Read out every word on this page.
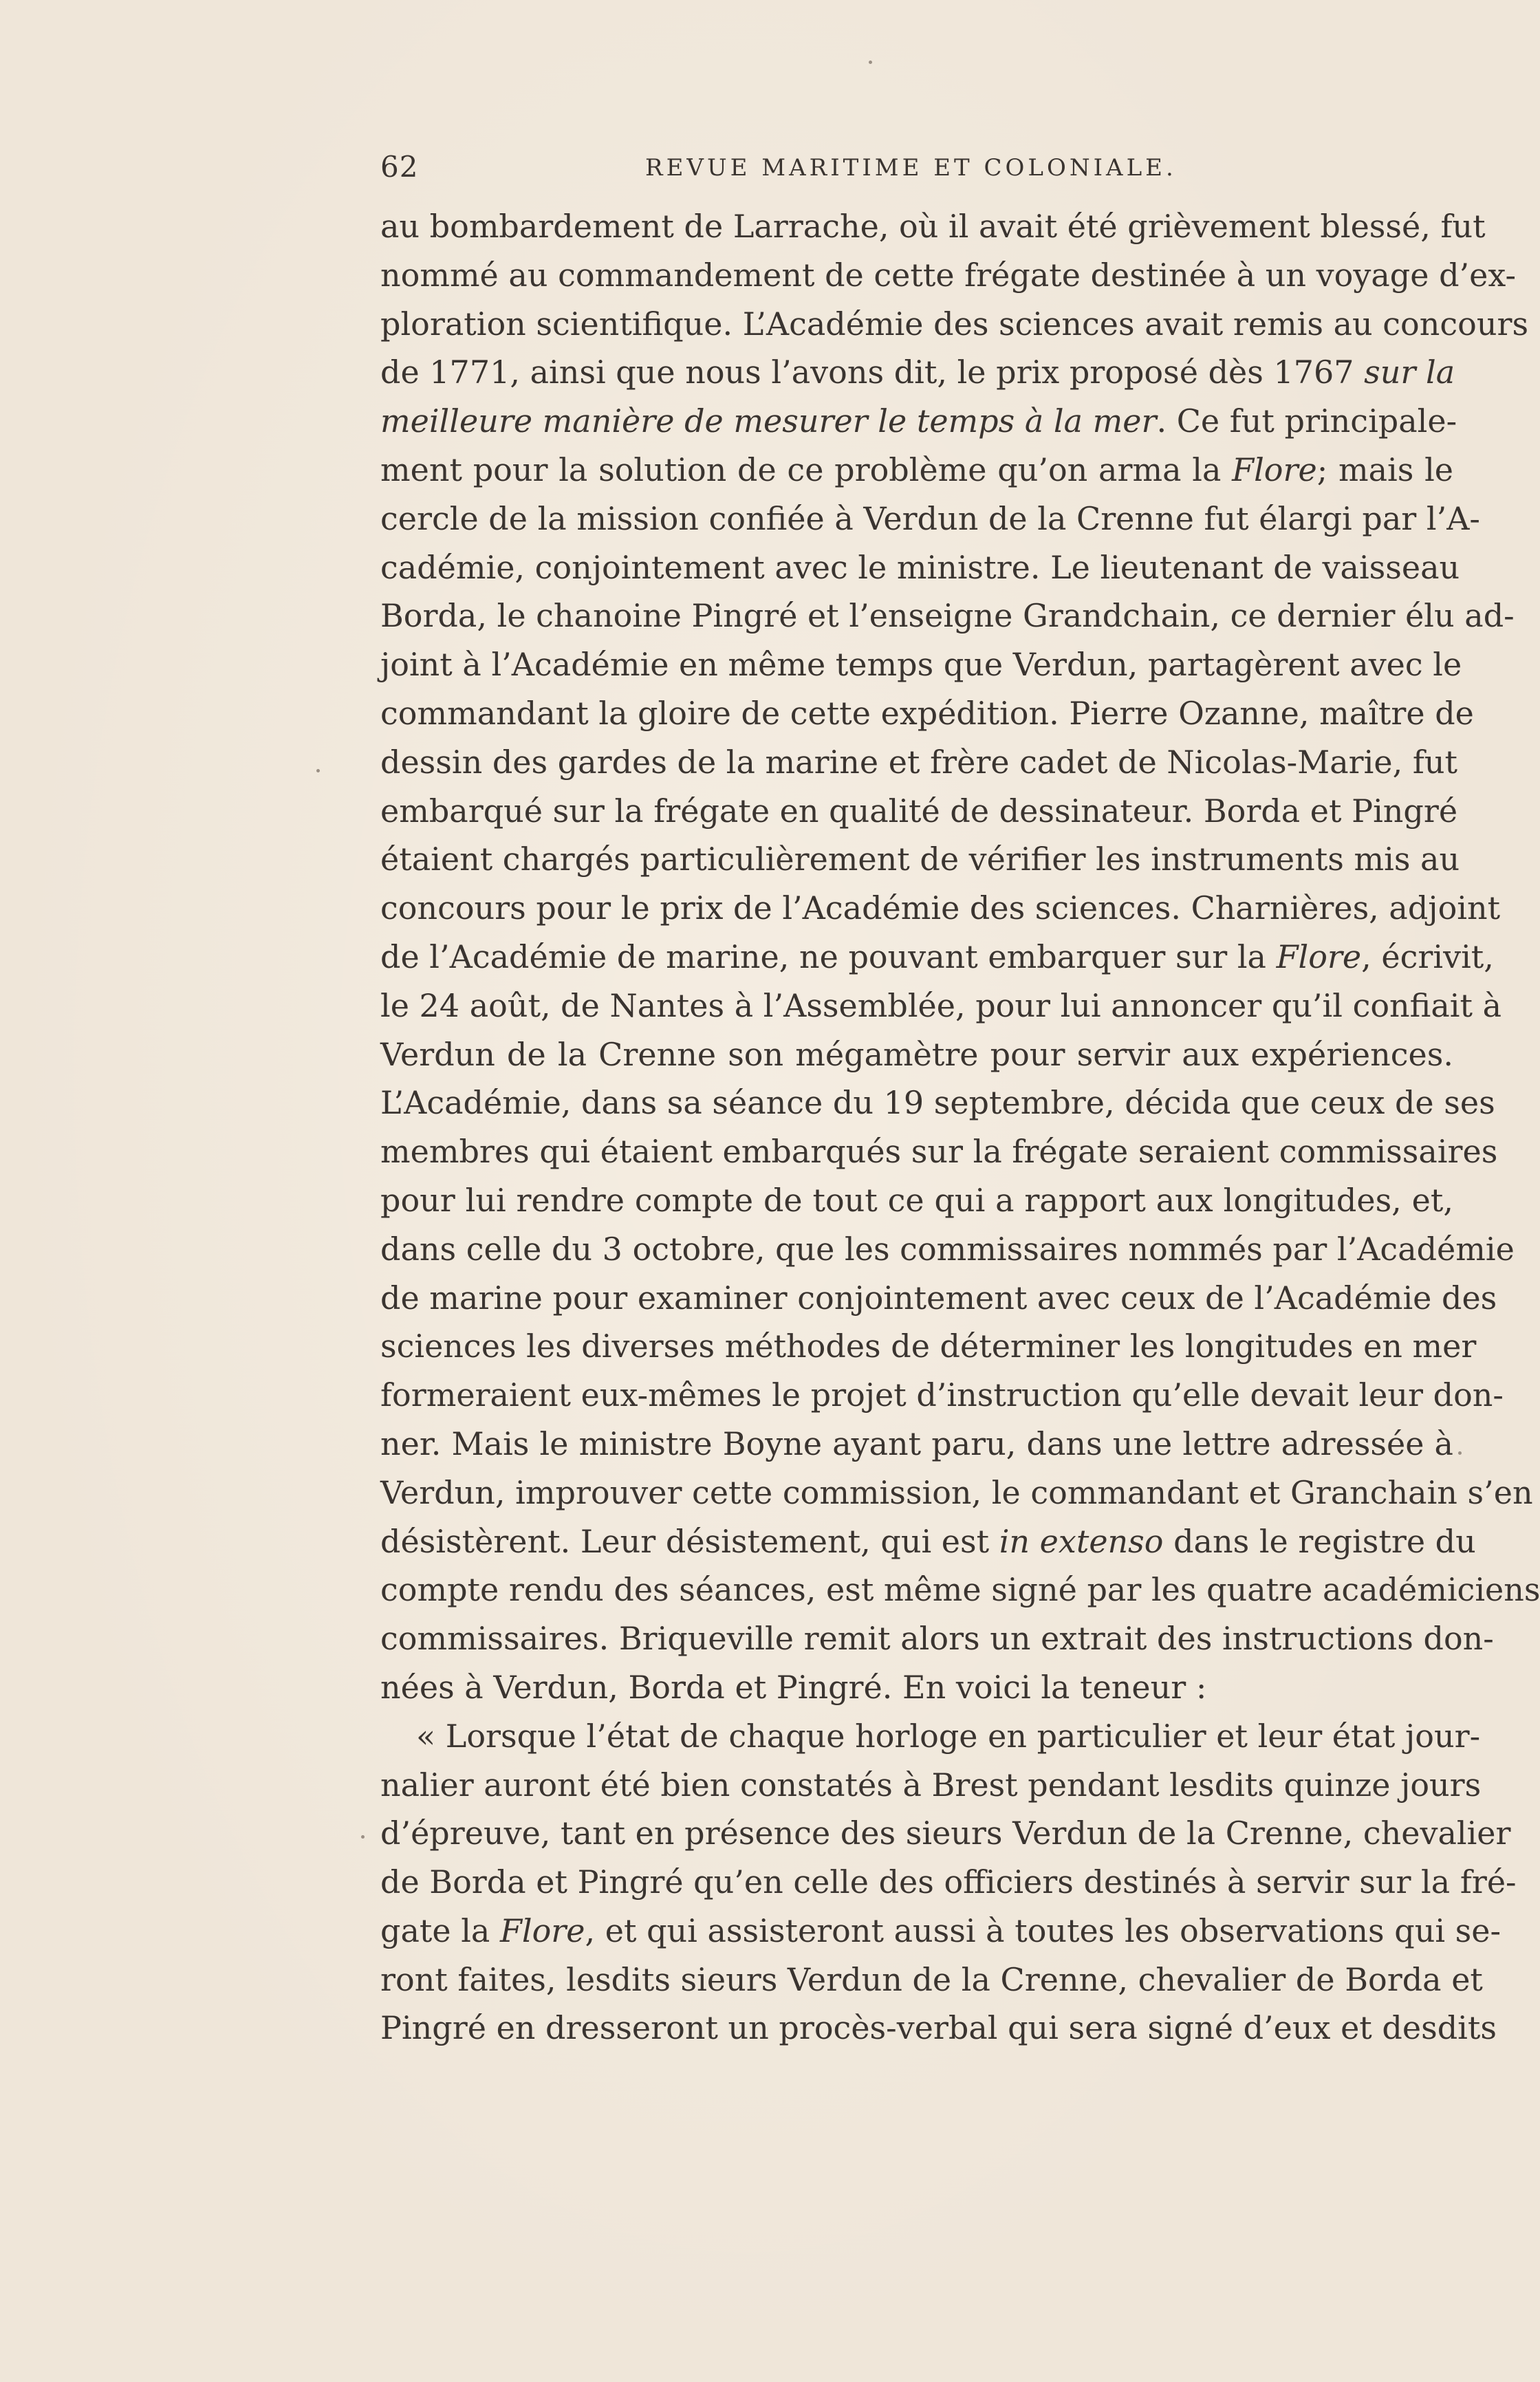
62	REVUE MARITIME ET COLONIALE.
au bombardement de Larrache, où il avait été grièvement blessé, fut
nommé au commandement de cette frégate destinée à un voyage d’ex-
ploration scientifique. L’Académie des sciences avait remis au concours
de 1771, ainsi que nous l’avons dit, le prix proposé dès 1767 sur la
meilleure manière de mesurer le temps à la mer. Ce fut principale-
ment pour la solution de ce problème qu’on arma la Flore; mais le
cercle de la mission confiée à Verdun de la Crenne fut élargi par l’A-
cadémie, conjointement avec le ministre. Le lieutenant de vaisseau
Borda, le chanoine Pingré et l’enseigne Grandchain, ce dernier élu ad-
joint à l’Académie en même temps que Verdun, partagèrent avec le
commandant la gloire de cette expédition. Pierre Ozanne, maître de
dessin des gardes de la marine et frère cadet de Nicolas-Marie, fut
embarqué sur la frégate en qualité de dessinateur. Borda et Pingré
étaient chargés particulièrement de vérifier les instruments mis au
concours pour le prix de l’Académie des sciences. Charnières, adjoint
de l’Académie de marine, ne pouvant embarquer sur la Flore, écrivit,
le 24 août, de Nantes à l’Assemblée, pour lui annoncer qu’il confiait à
Verdun de la Crenne son mégamètre pour servir aux expériences.
L’Académie, dans sa séance du 19 septembre, décida que ceux de ses
membres qui étaient embarqués sur la frégate seraient commissaires
pour lui rendre compte de tout ce qui a rapport aux longitudes, et,
dans celle du 3 octobre, que les commissaires nommés par l’Académie
de marine pour examiner conjointement avec ceux de l’Académie des
sciences les diverses méthodes de déterminer les longitudes en mer
formeraient eux-mêmes le projet d’instruction qu’elle devait leur don-
ner. Mais le ministre Boyne ayant paru, dans une lettre adressée à
Verdun, improuver cette commission, le commandant et Granchain s’en
désistèrent. Leur désistement, qui est in extenso dans le registre du
compte rendu des séances, est même signé par les quatre académiciens
commissaires. Briqueville remit alors un extrait des instructions don-
nées à Verdun, Borda et Pingré. En voici la teneur :
« Lorsque l’état de chaque horloge en particulier et leur état jour-
nalier auront été bien constatés à Brest pendant lesdits quinze jours
d’épreuve, tant en présence des sieurs Verdun de la Crenne, chevalier
de Borda et Pingré qu’en celle des officiers destinés à servir sur la fré-
gate la Flore, et qui assisteront aussi à toutes les observations qui se-
ront faites, lesdits sieurs Verdun de la Crenne, chevalier de Borda et
Pingré en dresseront un procès-verbal qui sera signé d’eux et desdits
